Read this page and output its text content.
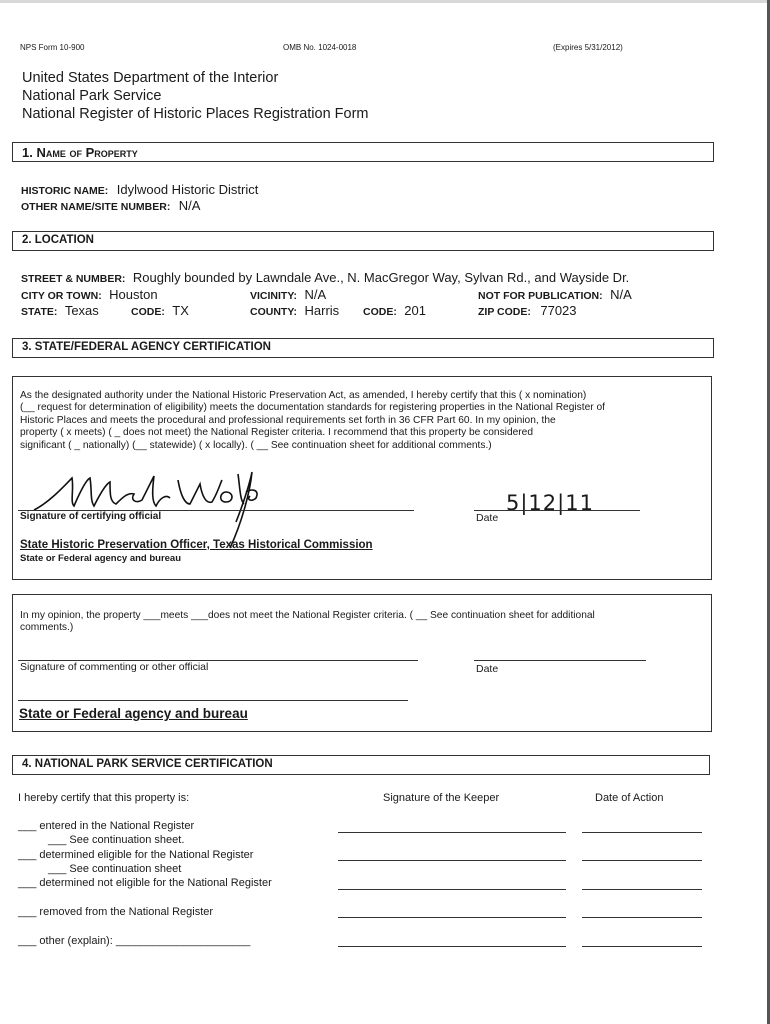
NPS Form 10-900	OMB No. 1024-0018	(Expires 5/31/2012)
United States Department of the Interior
National Park Service
National Register of Historic Places Registration Form
1. Name of Property
HISTORIC NAME: Idylwood Historic District
OTHER NAME/SITE NUMBER: N/A
2. LOCATION
STREET & NUMBER: Roughly bounded by Lawndale Ave., N. MacGregor Way, Sylvan Rd., and Wayside Dr.
CITY OR TOWN: Houston	VICINITY: N/A	NOT FOR PUBLICATION: N/A
STATE: Texas	CODE: TX	COUNTY: Harris CODE: 201	ZIP CODE: 77023
3. STATE/FEDERAL AGENCY CERTIFICATION
As the designated authority under the National Historic Preservation Act, as amended, I hereby certify that this ( x nomination)
(__ request for determination of eligibility) meets the documentation standards for registering properties in the National Register of
Historic Places and meets the procedural and professional requirements set forth in 36 CFR Part 60. In my opinion, the
property ( x meets) ( _ does not meet) the National Register criteria. I recommend that this property be considered
significant ( _ nationally) (__ statewide) ( x locally). ( __ See continuation sheet for additional comments.)
Signature of certifying official
5|12|11
Date
State Historic Preservation Officer, Texas Historical Commission
State or Federal agency and bureau
In my opinion, the property ___meets ___does not meet the National Register criteria. ( __ See continuation sheet for additional
comments.)
Signature of commenting or other official	Date
State or Federal agency and bureau
4. NATIONAL PARK SERVICE CERTIFICATION
I hereby certify that this property is:	Signature of the Keeper	Date of Action
___ entered in the National Register
___ See continuation sheet.
___ determined eligible for the National Register
___ See continuation sheet
___ determined not eligible for the National Register
___ removed from the National Register
___ other (explain): ______________________
